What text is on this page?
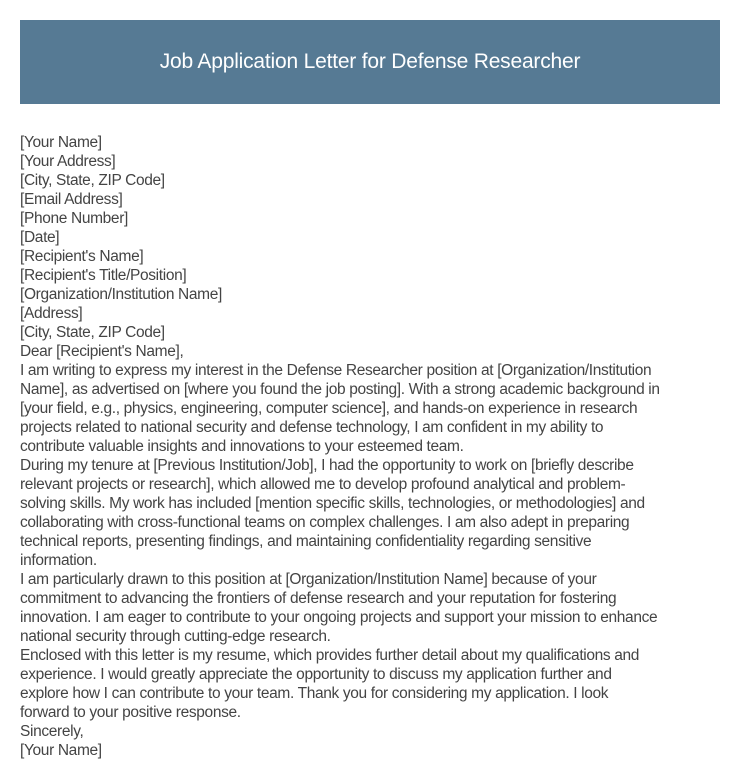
Job Application Letter for Defense Researcher
[Your Name]
[Your Address]
[City, State, ZIP Code]
[Email Address]
[Phone Number]
[Date]
[Recipient's Name]
[Recipient's Title/Position]
[Organization/Institution Name]
[Address]
[City, State, ZIP Code]
Dear [Recipient's Name],
I am writing to express my interest in the Defense Researcher position at [Organization/Institution
Name], as advertised on [where you found the job posting]. With a strong academic background in
[your field, e.g., physics, engineering, computer science], and hands-on experience in research
projects related to national security and defense technology, I am confident in my ability to
contribute valuable insights and innovations to your esteemed team.
During my tenure at [Previous Institution/Job], I had the opportunity to work on [briefly describe
relevant projects or research], which allowed me to develop profound analytical and problem-
solving skills. My work has included [mention specific skills, technologies, or methodologies] and
collaborating with cross-functional teams on complex challenges. I am also adept in preparing
technical reports, presenting findings, and maintaining confidentiality regarding sensitive
information.
I am particularly drawn to this position at [Organization/Institution Name] because of your
commitment to advancing the frontiers of defense research and your reputation for fostering
innovation. I am eager to contribute to your ongoing projects and support your mission to enhance
national security through cutting-edge research.
Enclosed with this letter is my resume, which provides further detail about my qualifications and
experience. I would greatly appreciate the opportunity to discuss my application further and
explore how I can contribute to your team. Thank you for considering my application. I look
forward to your positive response.
Sincerely,
[Your Name]
